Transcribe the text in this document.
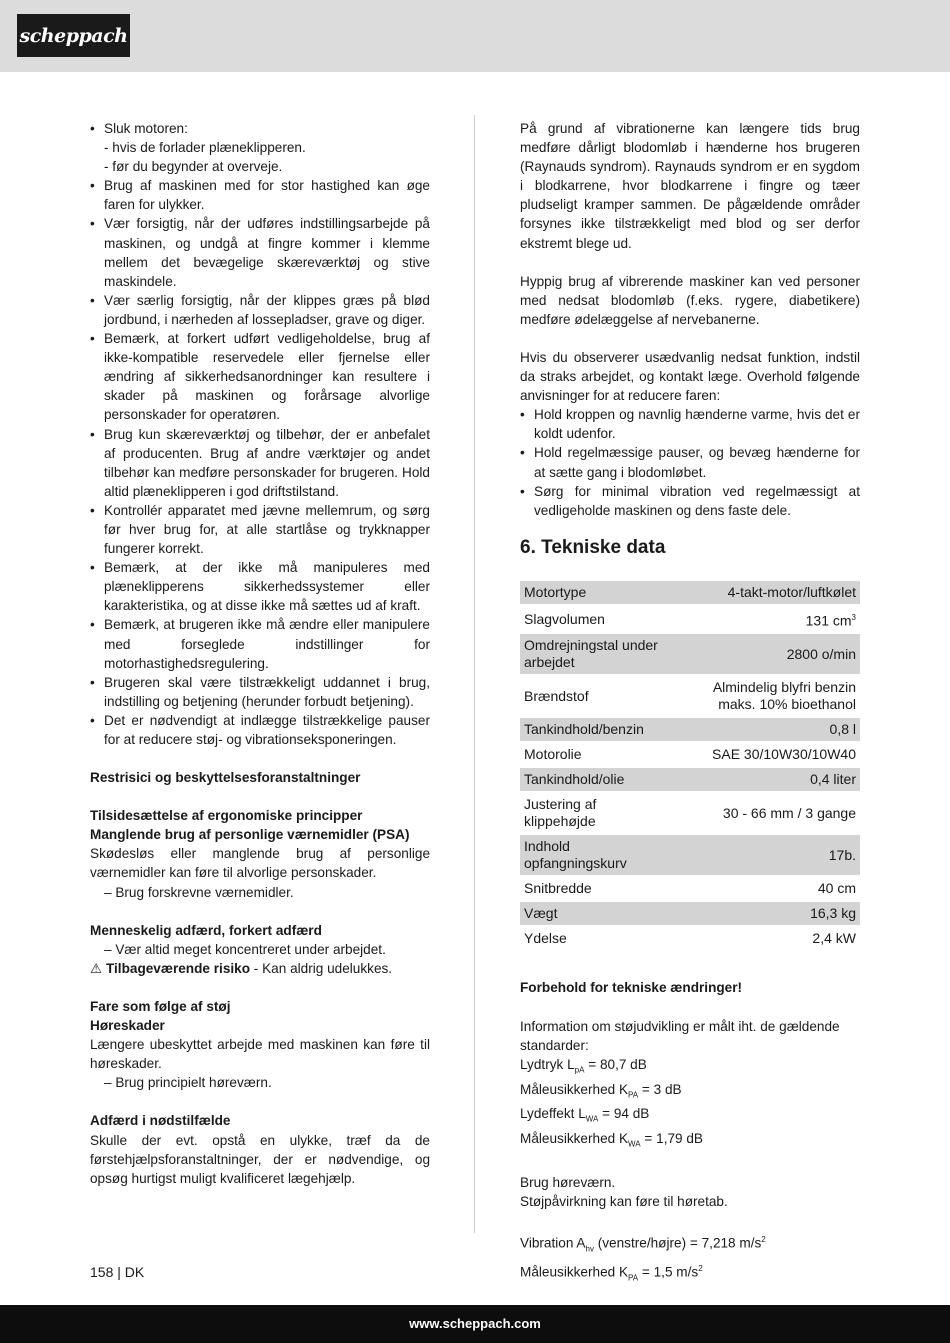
scheppach

• Sluk motoren:

- hvis de forlader plæneklipperen.

- før du begynder at overveje.

• Brug af maskinen med for stor hastighed kan øge faren for ulykker.

• Vær forsigtig, når der udføres indstillingsarbejde på maskinen, og undgå at fingre kommer i klemme mellem det bevægelige skæreværktøj og stive maskindele.

• Vær særlig forsigtig, når der klippes græs på blød jordbund, i nærheden af lossepladser, grave og diger.

• Bemærk, at forkert udført vedligeholdelse, brug af ikke-kompatible reservedele eller fjernelse eller ændring af sikkerhedsanordninger kan resultere i skader på maskinen og forårsage alvorlige personskader for operatøren.

• Brug kun skæreværktøj og tilbehør, der er anbefalet af producenten. Brug af andre værktøjer og andet tilbehør kan medføre personskader for brugeren. Hold altid plæneklipperen i god driftstilstand.

• Kontrollér apparatet med jævne mellemrum, og sørg før hver brug for, at alle startlåse og trykknapper fungerer korrekt.

• Bemærk, at der ikke må manipuleres med plæneklipperens sikkerhedssystemer eller karakteristika, og at disse ikke må sættes ud af kraft.

• Bemærk, at brugeren ikke må ændre eller manipulere med forseglede indstillinger for motorhastighedsregulering.

• Brugeren skal være tilstrækkeligt uddannet i brug, indstilling og betjening (herunder forbudt betjening).

• Det er nødvendigt at indlægge tilstrækkelige pauser for at reducere støj- og vibrationseksponeringen.

Restrisici og beskyttelsesforanstaltninger

Tilsidesættelse af ergonomiske principper

Manglende brug af personlige værnemidler (PSA)

Skødesløs eller manglende brug af personlige værnemidler kan føre til alvorlige personskader.

– Brug forskrevne værnemidler.

Menneskelig adfærd, forkert adfærd

– Vær altid meget koncentreret under arbejdet.

⚠ Tilbageværende risiko - Kan aldrig udelukkes.

Fare som følge af støj

Høreskader

Længere ubeskyttet arbejde med maskinen kan føre til høreskader.

– Brug principielt høreværn.

Adfærd i nødstilfælde

Skulle der evt. opstå en ulykke, træf da de førstehjælpsforanstaltninger, der er nødvendige, og opsøg hurtigst muligt kvalificeret lægehjælp.

På grund af vibrationerne kan længere tids brug medføre dårligt blodomløb i hænderne hos brugeren (Raynauds syndrom). Raynauds syndrom er en sygdom i blodkarrene, hvor blodkarrene i fingre og tæer pludseligt kramper sammen. De pågældende områder forsynes ikke tilstrækkeligt med blod og ser derfor ekstremt blege ud.

Hyppig brug af vibrerende maskiner kan ved personer med nedsat blodomløb (f.eks. rygere, diabetikere) medføre ødelæggelse af nervebanerne.

Hvis du observerer usædvanlig nedsat funktion, indstil da straks arbejdet, og kontakt læge. Overhold følgende anvisninger for at reducere faren:

• Hold kroppen og navnlig hænderne varme, hvis det er koldt udenfor.

• Hold regelmæssige pauser, og bevæg hænderne for at sætte gang i blodomløbet.

• Sørg for minimal vibration ved regelmæssigt at vedligeholde maskinen og dens faste dele.

6. Tekniske data
Motortype	4-takt-motor/luftkølet
Slagvolumen	131 $cm^3$
Omdrejningstal under arbejdet	2800 o/min
Brændstof	Almindelig blyfri benzin maks. 10% bioethanol
Tankindhold/benzin	0,8 l
Motorolie	SAE 30/10W30/10W40
Tankindhold/olie	0,4 liter
Justering af klippehøjde	30 - 66 mm / 3 gange
Indhold opfangningskurv	17b.
Snitbredde	40 cm
Vægt	16,3 kg
Ydelse	2,4 kW

Forbehold for tekniske ændringer!

Information om støjudvikling er målt iht. de gældende standarder:

Lydtryk $L_{pA} = 80,7$ dB

Måleusikkerhed $K_{PA} = 3$ dB

Lydeffekt $L_{WA} = 94$ dB

Måleusikkerhed $K_{WA} = 1,79$ dB

Brug høreværn.

Støjpåvirkning kan føre til høretab.

Vibration $A_{hv}$ (venstre/højre) = 7,218 $m/s^2$

Måleusikkerhed $K_{PA} = 1,5$ $m/s^2$

158 | DK
www.scheppach.com
